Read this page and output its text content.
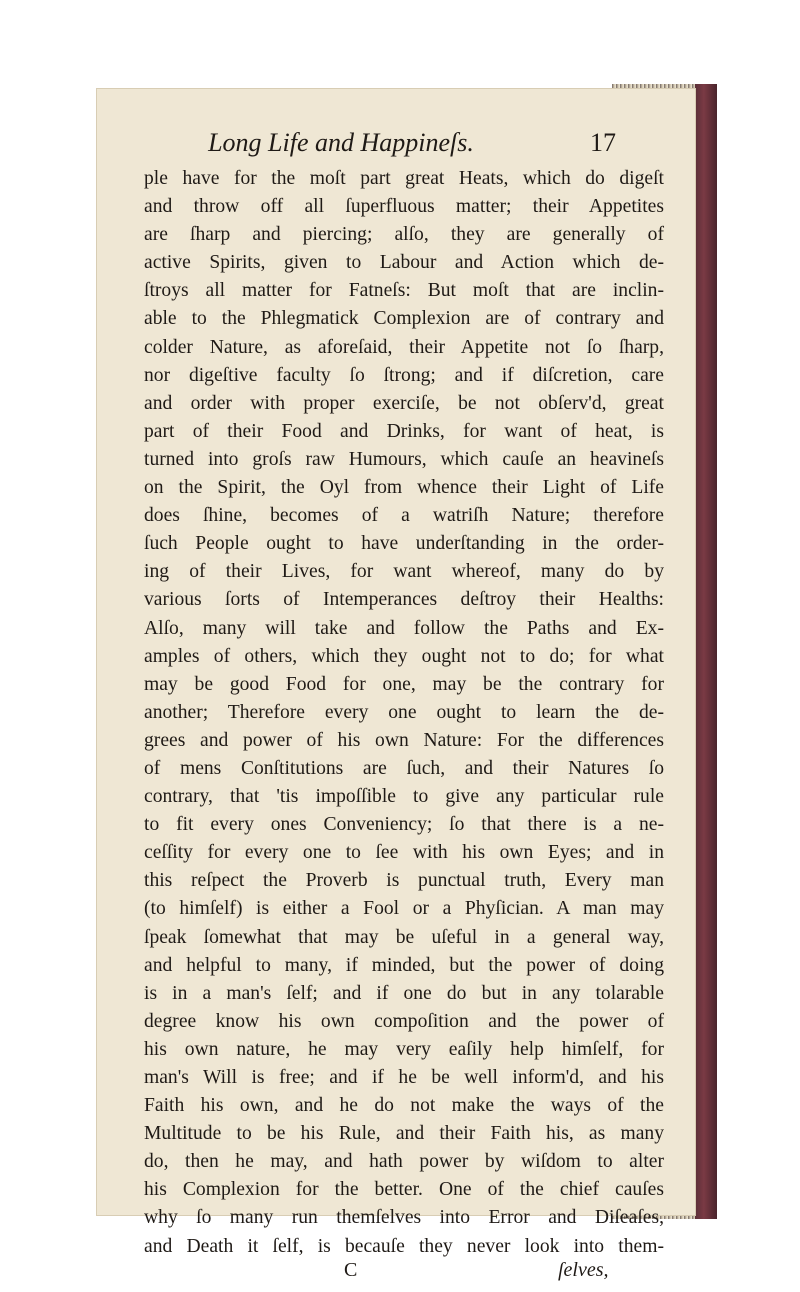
Long Life and Happineſs.	17
ple have for the moſt part great Heats, which do digeſt
and throw off all ſuperfluous matter; their Appetites
are ſharp and piercing; alſo, they are generally of
active Spirits, given to Labour and Action which de-
ſtroys all matter for Fatneſs: But moſt that are inclin-
able to the Phlegmatick Complexion are of contrary and
colder Nature, as aforeſaid, their Appetite not ſo ſharp,
nor digeſtive faculty ſo ſtrong; and if diſcretion, care
and order with proper exerciſe, be not obſerv'd, great
part of their Food and Drinks, for want of heat, is
turned into groſs raw Humours, which cauſe an heavineſs
on the Spirit, the Oyl from whence their Light of Life
does ſhine, becomes of a watriſh Nature; therefore
ſuch People ought to have underſtanding in the order-
ing of their Lives, for want whereof, many do by
various ſorts of Intemperances deſtroy their Healths:
Alſo, many will take and follow the Paths and Ex-
amples of others, which they ought not to do; for what
may be good Food for one, may be the contrary for
another; Therefore every one ought to learn the de-
grees and power of his own Nature: For the differences
of mens Conſtitutions are ſuch, and their Natures ſo
contrary, that 'tis impoſſible to give any particular rule
to fit every ones Conveniency; ſo that there is a ne-
ceſſity for every one to ſee with his own Eyes; and in
this reſpect the Proverb is punctual truth, Every man
(to himſelf) is either a Fool or a Phyſician. A man may
ſpeak ſomewhat that may be uſeful in a general way,
and helpful to many, if minded, but the power of doing
is in a man's ſelf; and if one do but in any tolarable
degree know his own compoſition and the power of
his own nature, he may very eaſily help himſelf, for
man's Will is free; and if he be well inform'd, and his
Faith his own, and he do not make the ways of the
Multitude to be his Rule, and their Faith his, as many
do, then he may, and hath power by wiſdom to alter
his Complexion for the better. One of the chief cauſes
why ſo many run themſelves into Error and Diſeaſes,
and Death it ſelf, is becauſe they never look into them-
C	ſelves,
